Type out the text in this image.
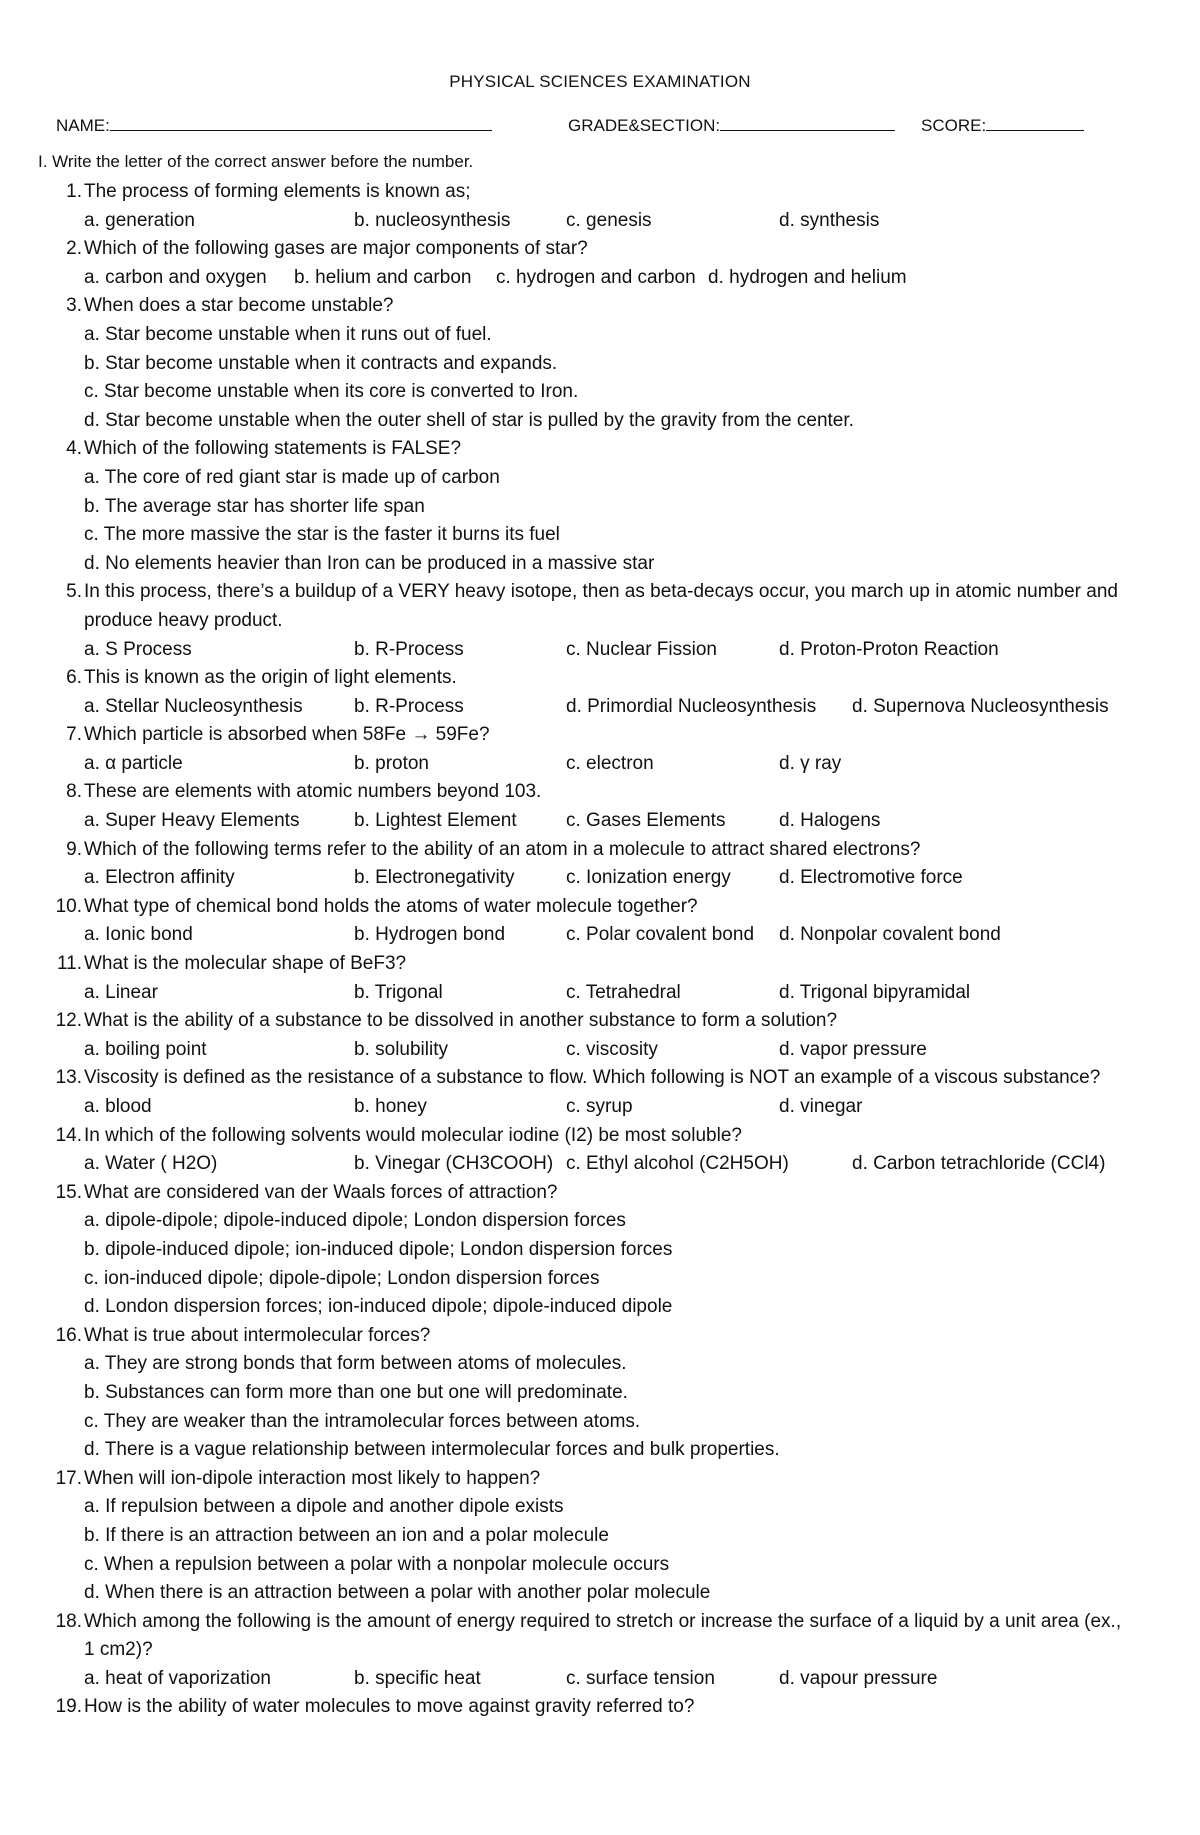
PHYSICAL SCIENCES EXAMINATION
NAME:	GRADE&SECTION:	SCORE:
I. Write the letter of the correct answer before the number.
1. The process of forming elements is known as;
a. generation	b. nucleosynthesis	c. genesis	d. synthesis
2. Which of the following gases are major components of star?
a. carbon and oxygen b. helium and carbon c. hydrogen and carbon d. hydrogen and helium
3. When does a star become unstable?
a. Star become unstable when it runs out of fuel.
b. Star become unstable when it contracts and expands.
c. Star become unstable when its core is converted to Iron.
d. Star become unstable when the outer shell of star is pulled by the gravity from the center.
4. Which of the following statements is FALSE?
a. The core of red giant star is made up of carbon
b. The average star has shorter life span
c. The more massive the star is the faster it burns its fuel
d. No elements heavier than Iron can be produced in a massive star
5. In this process, there’s a buildup of a VERY heavy isotope, then as beta-decays occur, you march up in atomic number and produce heavy product.
a. S Process	b. R-Process	c. Nuclear Fission	d. Proton-Proton Reaction
6. This is known as the origin of light elements.
a. Stellar Nucleosynthesis	b. R-Process	d. Primordial Nucleosynthesis d. Supernova Nucleosynthesis
7. Which particle is absorbed when 58Fe → 59Fe?
a. α particle	b. proton	c. electron	d. γ ray
8. These are elements with atomic numbers beyond 103.
a. Super Heavy Elements	b. Lightest Element	c. Gases Elements	d. Halogens
9. Which of the following terms refer to the ability of an atom in a molecule to attract shared electrons?
a. Electron affinity	b. Electronegativity	c. Ionization energy	d. Electromotive force
10. What type of chemical bond holds the atoms of water molecule together?
a. Ionic bond	b. Hydrogen bond	c. Polar covalent bond d. Nonpolar covalent bond
11. What is the molecular shape of BeF3?
a. Linear	b. Trigonal	c. Tetrahedral	d. Trigonal bipyramidal
12. What is the ability of a substance to be dissolved in another substance to form a solution?
a. boiling point	b. solubility	c. viscosity	d. vapor pressure
13. Viscosity is defined as the resistance of a substance to flow. Which following is NOT an example of a viscous substance?
a. blood	b. honey	c. syrup	d. vinegar
14. In which of the following solvents would molecular iodine (I2) be most soluble?
a. Water ( H2O)	b. Vinegar (CH3COOH) c. Ethyl alcohol (C2H5OH)	d. Carbon tetrachloride (CCl4)
15. What are considered van der Waals forces of attraction?
a. dipole-dipole; dipole-induced dipole; London dispersion forces
b. dipole-induced dipole; ion-induced dipole; London dispersion forces
c. ion-induced dipole; dipole-dipole; London dispersion forces
d. London dispersion forces; ion-induced dipole; dipole-induced dipole
16. What is true about intermolecular forces?
a. They are strong bonds that form between atoms of molecules.
b. Substances can form more than one but one will predominate.
c. They are weaker than the intramolecular forces between atoms.
d. There is a vague relationship between intermolecular forces and bulk properties.
17. When will ion-dipole interaction most likely to happen?
a. If repulsion between a dipole and another dipole exists
b. If there is an attraction between an ion and a polar molecule
c. When a repulsion between a polar with a nonpolar molecule occurs
d. When there is an attraction between a polar with another polar molecule
18. Which among the following is the amount of energy required to stretch or increase the surface of a liquid by a unit area (ex., 1 cm2)?
a. heat of vaporization	b. specific heat	c. surface tension	d. vapour pressure
19. How is the ability of water molecules to move against gravity referred to?
